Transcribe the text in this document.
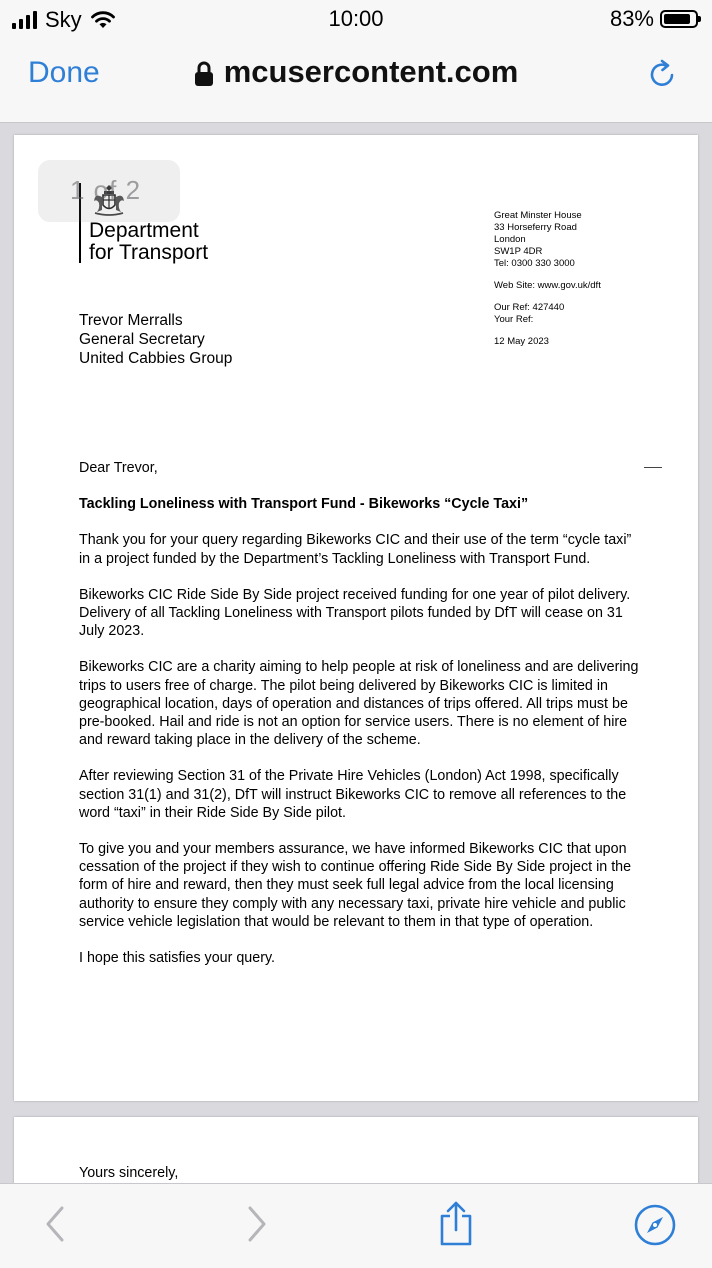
Sky	10:00	83%
Done	mcusercontent.com
Department
for Transport
1 of 2
Great Minster House
33 Horseferry Road
London
SW1P 4DR
Tel: 0300 330 3000
Web Site: www.gov.uk/dft
Our Ref: 427440
Your Ref:
12 May 2023
Trevor Merralls
General Secretary
United Cabbies Group

Dear Trevor,

Tackling Loneliness with Transport Fund - Bikeworks “Cycle Taxi”

Thank you for your query regarding Bikeworks CIC and their use of the term “cycle taxi” in a project funded by the Department’s Tackling Loneliness with Transport Fund.

Bikeworks CIC Ride Side By Side project received funding for one year of pilot delivery. Delivery of all Tackling Loneliness with Transport pilots funded by DfT will cease on 31 July 2023.

Bikeworks CIC are a charity aiming to help people at risk of loneliness and are delivering trips to users free of charge. The pilot being delivered by Bikeworks CIC is limited in geographical location, days of operation and distances of trips offered. All trips must be pre-booked. Hail and ride is not an option for service users. There is no element of hire and reward taking place in the delivery of the scheme.

After reviewing Section 31 of the Private Hire Vehicles (London) Act 1998, specifically section 31(1) and 31(2), DfT will instruct Bikeworks CIC to remove all references to the word “taxi” in their Ride Side By Side pilot.

To give you and your members assurance, we have informed Bikeworks CIC that upon cessation of the project if they wish to continue offering Ride Side By Side project in the form of hire and reward, then they must seek full legal advice from the local licensing authority to ensure they comply with any necessary taxi, private hire vehicle and public service vehicle legislation that would be relevant to them in that type of operation.

I hope this satisfies your query.

Yours sincerely,
